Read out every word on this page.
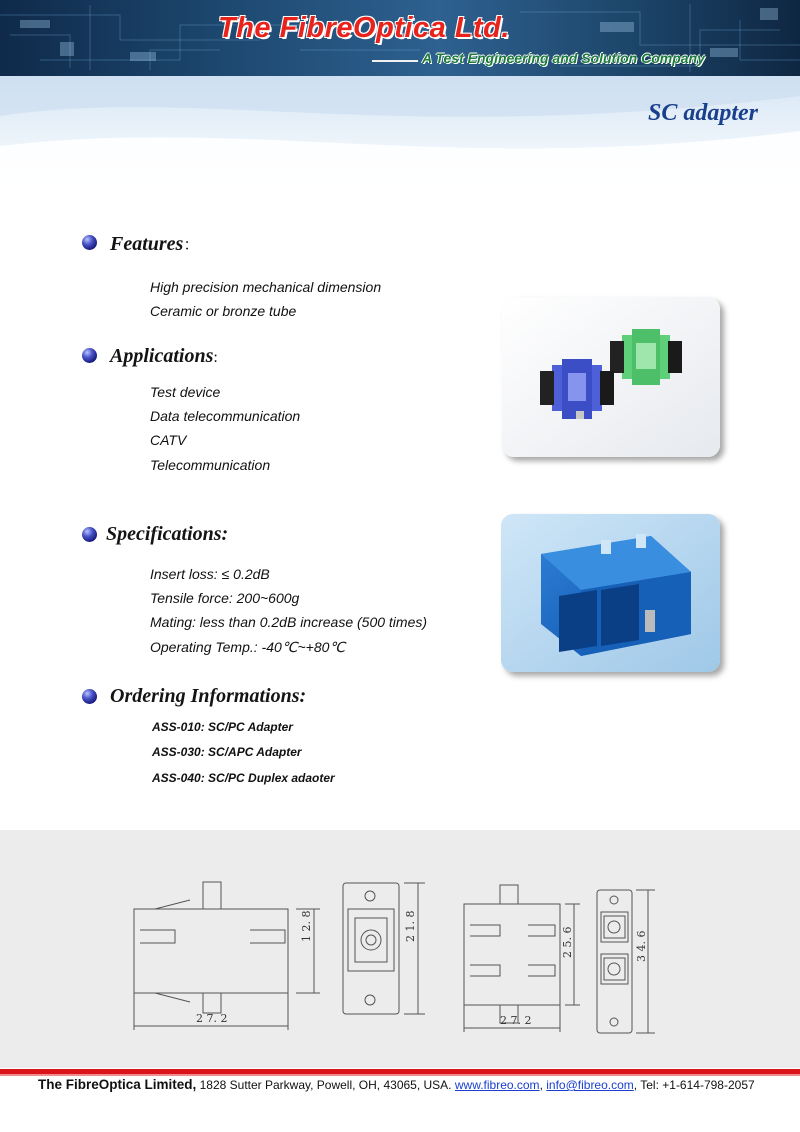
The FibreOptica Ltd.
A Test Engineering and Solution Company
SC adapter
Features：
High precision mechanical dimension
Ceramic or bronze tube
Applications:
Test device
Data telecommunication
CATV
Telecommunication
Specifications:
Insert loss: ≤ 0.2dB
Tensile force: 200~600g
Mating: less than 0.2dB increase (500 times)
Operating Temp.: -40℃~+80℃
Ordering Informations:
ASS-010: SC/PC Adapter
ASS-030: SC/APC Adapter
ASS-040: SC/PC Duplex adaoter
2 7. 2
1 2. 8	2 1. 8
2 7. 2
2 5. 6	3 4. 6
The FibreOptica Limited, 1828 Sutter Parkway, Powell, OH, 43065, USA. www.fibreo.com, info@fibreo.com, Tel: +1-614-798-2057
